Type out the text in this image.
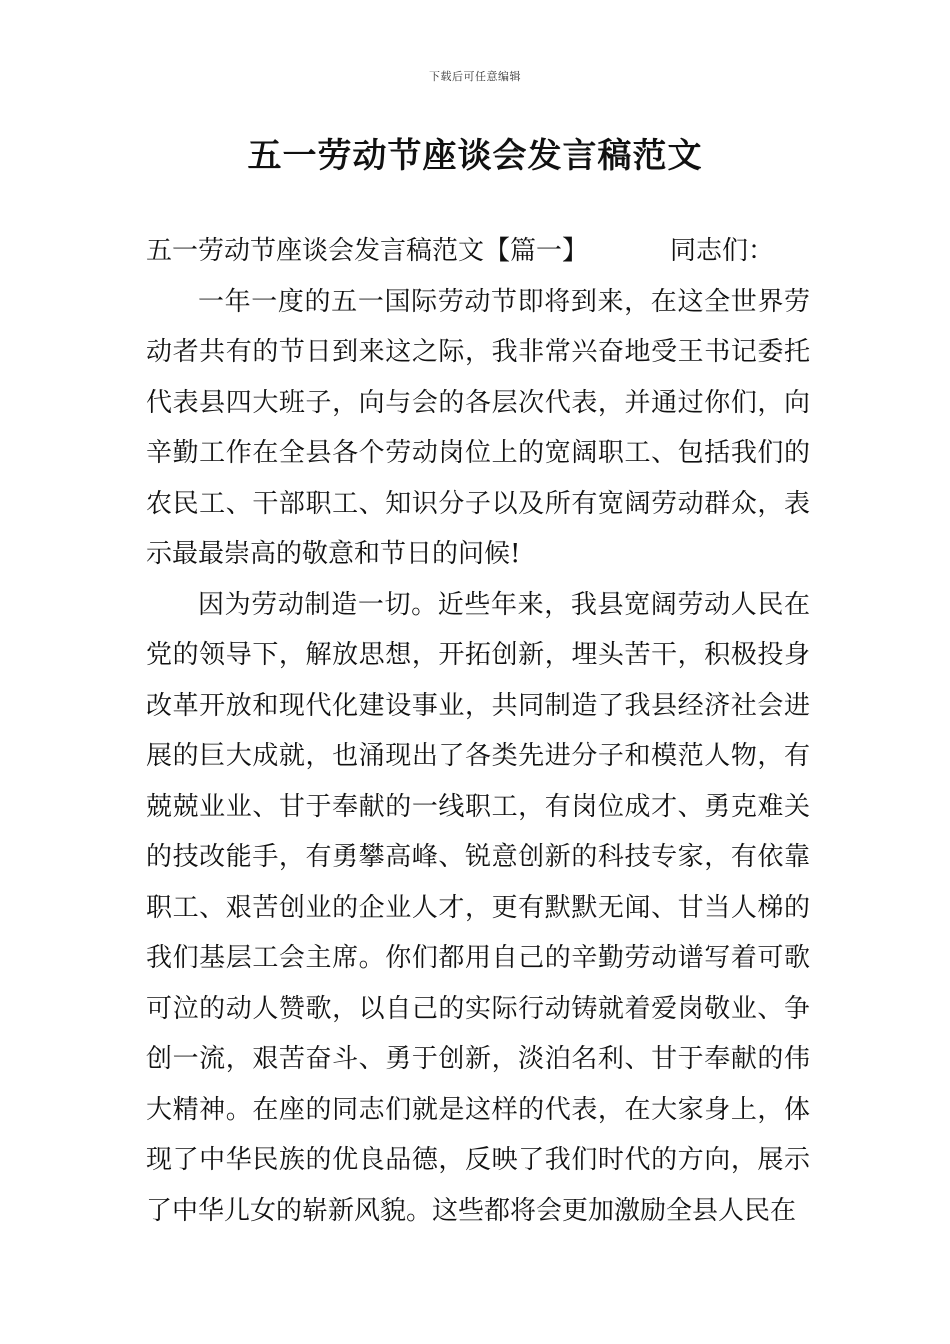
下载后可任意编辑
五一劳动节座谈会发言稿范文
五一劳动节座谈会发言稿范文【篇一】	同志们：

一年一度的五一国际劳动节即将到来，在这全世界劳动者共有的节日到来这之际，我非常兴奋地受王书记委托代表县四大班子，向与会的各层次代表，并通过你们，向辛勤工作在全县各个劳动岗位上的宽阔职工、包括我们的农民工、干部职工、知识分子以及所有宽阔劳动群众，表示最最崇高的敬意和节日的问候!

因为劳动制造一切。近些年来，我县宽阔劳动人民在党的领导下，解放思想，开拓创新，埋头苦干，积极投身改革开放和现代化建设事业，共同制造了我县经济社会进展的巨大成就，也涌现出了各类先进分子和模范人物，有兢兢业业、甘于奉献的一线职工，有岗位成才、勇克难关的技改能手，有勇攀高峰、锐意创新的科技专家，有依靠职工、艰苦创业的企业人才，更有默默无闻、甘当人梯的我们基层工会主席。你们都用自己的辛勤劳动谱写着可歌可泣的动人赞歌，以自己的实际行动铸就着爱岗敬业、争创一流，艰苦奋斗、勇于创新，淡泊名利、甘于奉献的伟大精神。在座的同志们就是这样的代表，在大家身上，体现了中华民族的优良品德，反映了我们时代的方向，展示了中华儿女的崭新风貌。这些都将会更加激励全县人民在
